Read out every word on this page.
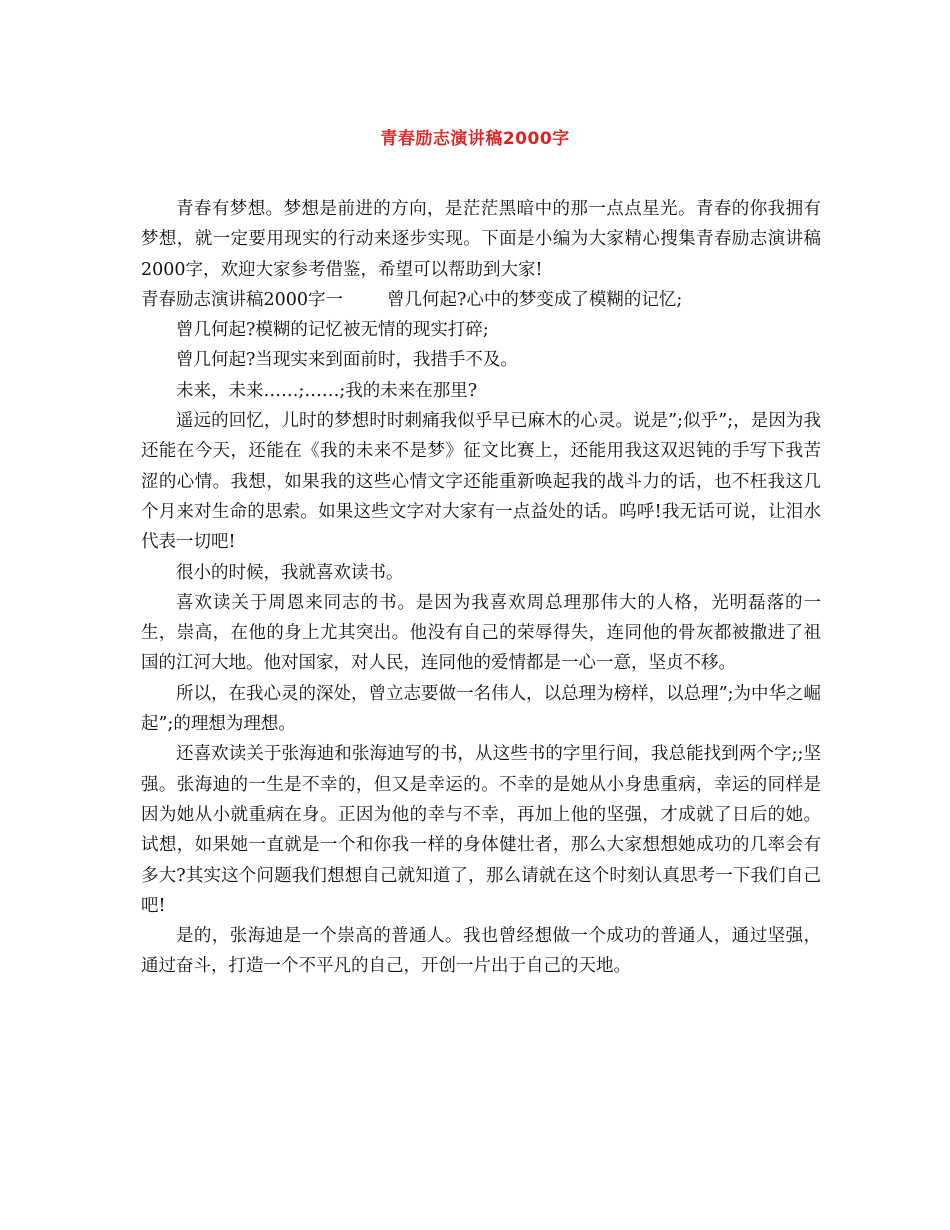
青春励志演讲稿2000字

青春有梦想。梦想是前进的方向，是茫茫黑暗中的那一点点星光。青春的你我拥有梦想，就一定要用现实的行动来逐步实现。下面是小编为大家精心搜集青春励志演讲稿2000字，欢迎大家参考借鉴，希望可以帮助到大家!

青春励志演讲稿2000字一	曾几何起?心中的梦变成了模糊的记忆;

曾几何起?模糊的记忆被无情的现实打碎;

曾几何起?当现实来到面前时，我措手不及。

未来，未来……;……;我的未来在那里?

遥远的回忆，儿时的梦想时时刺痛我似乎早已麻木的心灵。说是”;似乎”;，是因为我还能在今天，还能在《我的未来不是梦》征文比赛上，还能用我这双迟钝的手写下我苦涩的心情。我想，如果我的这些心情文字还能重新唤起我的战斗力的话，也不枉我这几个月来对生命的思索。如果这些文字对大家有一点益处的话。呜呼!我无话可说，让泪水代表一切吧!

很小的时候，我就喜欢读书。

喜欢读关于周恩来同志的书。是因为我喜欢周总理那伟大的人格，光明磊落的一生，崇高，在他的身上尤其突出。他没有自己的荣辱得失，连同他的骨灰都被撒进了祖国的江河大地。他对国家，对人民，连同他的爱情都是一心一意，坚贞不移。

所以，在我心灵的深处，曾立志要做一名伟人，以总理为榜样，以总理”;为中华之崛起”;的理想为理想。

还喜欢读关于张海迪和张海迪写的书，从这些书的字里行间，我总能找到两个字;;坚强。张海迪的一生是不幸的，但又是幸运的。不幸的是她从小身患重病，幸运的同样是因为她从小就重病在身。正因为他的幸与不幸，再加上他的坚强，才成就了日后的她。试想，如果她一直就是一个和你我一样的身体健壮者，那么大家想想她成功的几率会有多大?其实这个问题我们想想自己就知道了，那么请就在这个时刻认真思考一下我们自己吧!

是的，张海迪是一个崇高的普通人。我也曾经想做一个成功的普通人，通过坚强，通过奋斗，打造一个不平凡的自己，开创一片出于自己的天地。
